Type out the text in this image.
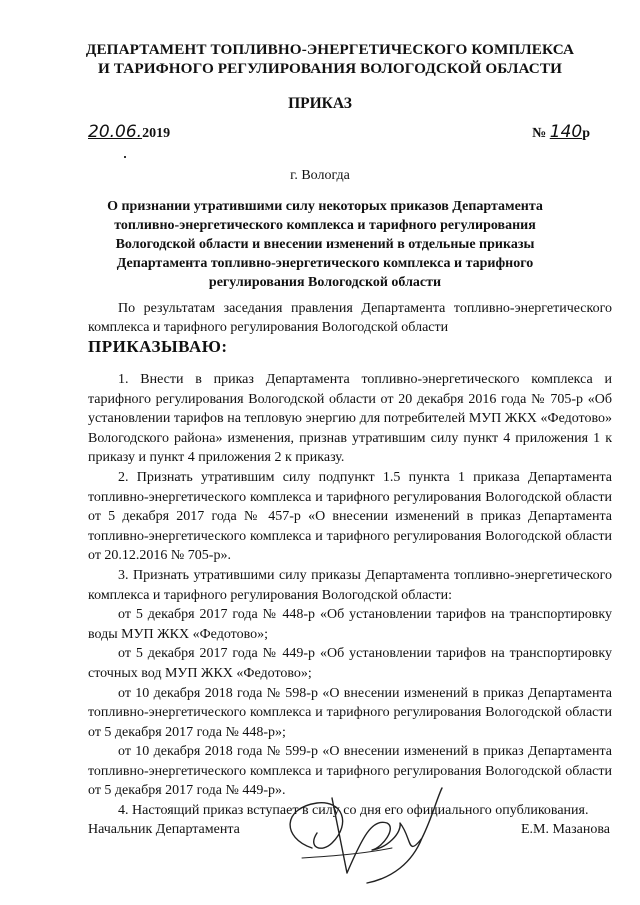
ДЕПАРТАМЕНТ ТОПЛИВНО-ЭНЕРГЕТИЧЕСКОГО КОМПЛЕКСА
И ТАРИФНОГО РЕГУЛИРОВАНИЯ ВОЛОГОДСКОЙ ОБЛАСТИ
ПРИКАЗ
20.06.2019	№ 140р
г. Вологда
О признании утратившими силу некоторых приказов Департамента топливно-энергетического комплекса и тарифного регулирования Вологодской области и внесении изменений в отдельные приказы Департамента топливно-энергетического комплекса и тарифного регулирования Вологодской области
По результатам заседания правления Департамента топливно-энергетического комплекса и тарифного регулирования Вологодской области
ПРИКАЗЫВАЮ:

1. Внести в приказ Департамента топливно-энергетического комплекса и тарифного регулирования Вологодской области от 20 декабря 2016 года № 705-р «Об установлении тарифов на тепловую энергию для потребителей МУП ЖКХ «Федотово» Вологодского района» изменения, признав утратившим силу пункт 4 приложения 1 к приказу и пункт 4 приложения 2 к приказу.

2. Признать утратившим силу подпункт 1.5 пункта 1 приказа Департамента топливно-энергетического комплекса и тарифного регулирования Вологодской области от 5 декабря 2017 года № 457-р «О внесении изменений в приказ Департамента топливно-энергетического комплекса и тарифного регулирования Вологодской области от 20.12.2016 № 705-р».

3. Признать утратившими силу приказы Департамента топливно-энергетического комплекса и тарифного регулирования Вологодской области:

от 5 декабря 2017 года № 448-р «Об установлении тарифов на транспортировку воды МУП ЖКХ «Федотово»;

от 5 декабря 2017 года № 449-р «Об установлении тарифов на транспортировку сточных вод МУП ЖКХ «Федотово»;

от 10 декабря 2018 года № 598-р «О внесении изменений в приказ Департамента топливно-энергетического комплекса и тарифного регулирования Вологодской области от 5 декабря 2017 года № 448-р»;

от 10 декабря 2018 года № 599-р «О внесении изменений в приказ Департамента топливно-энергетического комплекса и тарифного регулирования Вологодской области от 5 декабря 2017 года № 449-р».

4. Настоящий приказ вступает в силу со дня его официального опубликования.

Начальник Департамента	Е.М. Мазанова
